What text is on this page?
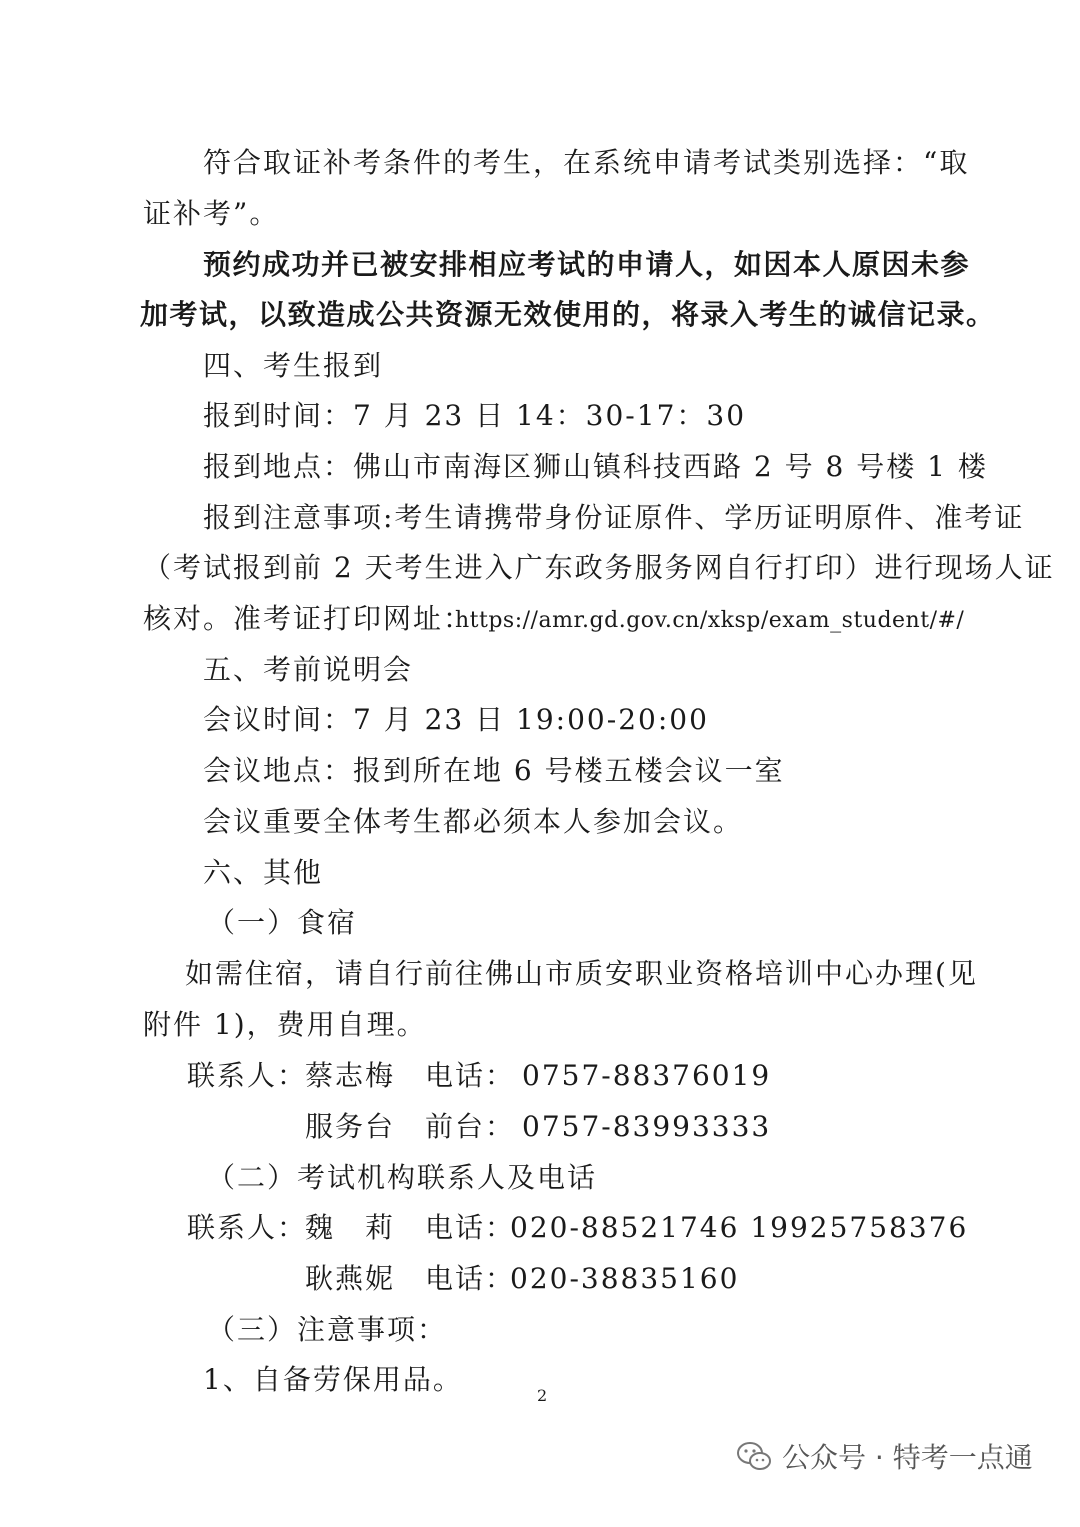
符合取证补考条件的考生，在系统申请考试类别选择：“取
证补考”。
预约成功并已被安排相应考试的申请人，如因本人原因未参
加考试，以致造成公共资源无效使用的，将录入考生的诚信记录。
四、考生报到
报到时间：7 月 23 日 14：30-17：30
报到地点：佛山市南海区狮山镇科技西路 2 号 8 号楼 1 楼
报到注意事项:考生请携带身份证原件、学历证明原件、准考证
（考试报到前 2 天考生进入广东政务服务网自行打印）进行现场人证
核对。准考证打印网址：
https://amr.gd.gov.cn/xksp/exam_student/#/
五、考前说明会
会议时间：7 月 23 日 19:00-20:00
会议地点：报到所在地 6 号楼五楼会议一室
会议重要全体考生都必须本人参加会议。
六、其他
（一）食宿
如需住宿，请自行前往佛山市质安职业资格培训中心办理(见
附件 1)，费用自理。
联系人：
蔡志梅 电话： 0757-88376019
服务台 前台： 0757-83993333
（二）考试机构联系人及电话
联系人：
魏　莉 电话：
020-88521746 19925758376
耿燕妮 电话：
020-38835160
（三）注意事项：
1、自备劳保用品。	2
公众号 · 特考一点通
